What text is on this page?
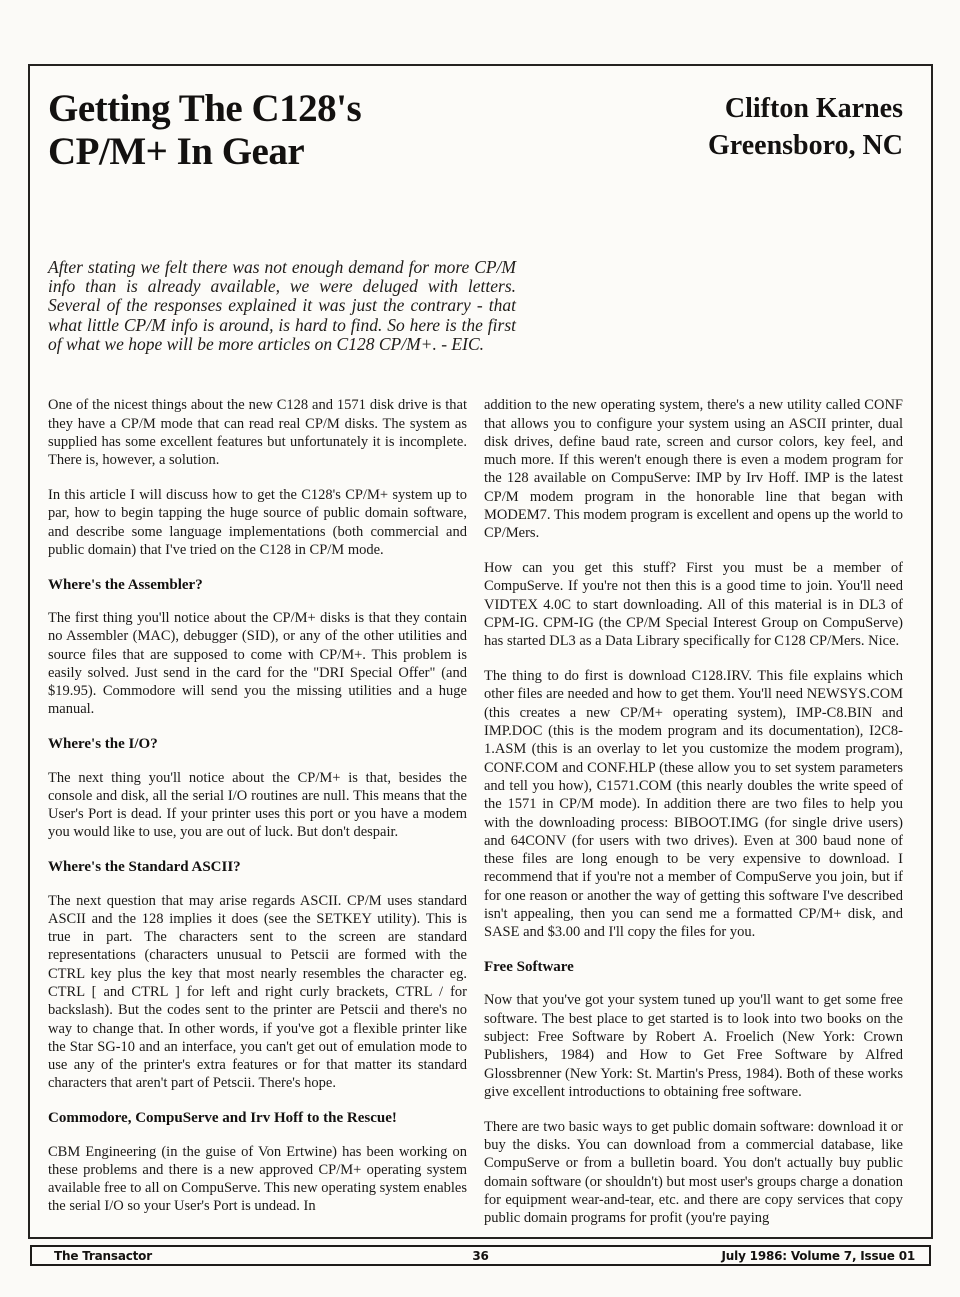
Getting The C128's
CP/M+ In Gear
Clifton Karnes
Greensboro, NC
After stating we felt there was not enough demand for more CP/M info than is already available, we were deluged with letters. Several of the responses explained it was just the contrary - that what little CP/M info is around, is hard to find. So here is the first of what we hope will be more articles on C128 CP/M+. - EIC.

One of the nicest things about the new C128 and 1571 disk drive is that they have a CP/M mode that can read real CP/M disks. The system as supplied has some excellent features but unfortunately it is incomplete. There is, however, a solution.

In this article I will discuss how to get the C128's CP/M+ system up to par, how to begin tapping the huge source of public domain software, and describe some language implementations (both commercial and public domain) that I've tried on the C128 in CP/M mode.

Where's the Assembler?

The first thing you'll notice about the CP/M+ disks is that they contain no Assembler (MAC), debugger (SID), or any of the other utilities and source files that are supposed to come with CP/M+. This problem is easily solved. Just send in the card for the "DRI Special Offer" (and $19.95). Commodore will send you the missing utilities and a huge manual.

Where's the I/O?

The next thing you'll notice about the CP/M+ is that, besides the console and disk, all the serial I/O routines are null. This means that the User's Port is dead. If your printer uses this port or you have a modem you would like to use, you are out of luck. But don't despair.

Where's the Standard ASCII?

The next question that may arise regards ASCII. CP/M uses standard ASCII and the 128 implies it does (see the SETKEY utility). This is true in part. The characters sent to the screen are standard representations (characters unusual to Petscii are formed with the CTRL key plus the key that most nearly resembles the character eg. CTRL [ and CTRL ] for left and right curly brackets, CTRL / for backslash). But the codes sent to the printer are Petscii and there's no way to change that. In other words, if you've got a flexible printer like the Star SG-10 and an interface, you can't get out of emulation mode to use any of the printer's extra features or for that matter its standard characters that aren't part of Petscii. There's hope.

Commodore, CompuServe and Irv Hoff to the Rescue!

CBM Engineering (in the guise of Von Ertwine) has been working on these problems and there is a new approved CP/M+ operating system available free to all on CompuServe. This new operating system enables the serial I/O so your User's Port is undead. In

addition to the new operating system, there's a new utility called CONF that allows you to configure your system using an ASCII printer, dual disk drives, define baud rate, screen and cursor colors, key feel, and much more. If this weren't enough there is even a modem program for the 128 available on CompuServe: IMP by Irv Hoff. IMP is the latest CP/M modem program in the honorable line that began with MODEM7. This modem program is excellent and opens up the world to CP/Mers.

How can you get this stuff? First you must be a member of CompuServe. If you're not then this is a good time to join. You'll need VIDTEX 4.0C to start downloading. All of this material is in DL3 of CPM-IG. CPM-IG (the CP/M Special Interest Group on CompuServe) has started DL3 as a Data Library specifically for C128 CP/Mers. Nice.

The thing to do first is download C128.IRV. This file explains which other files are needed and how to get them. You'll need NEWSYS.COM (this creates a new CP/M+ operating system), IMP-C8.BIN and IMP.DOC (this is the modem program and its documentation), I2C8-1.ASM (this is an overlay to let you customize the modem program), CONF.COM and CONF.HLP (these allow you to set system parameters and tell you how), C1571.COM (this nearly doubles the write speed of the 1571 in CP/M mode). In addition there are two files to help you with the downloading process: BIBOOT.IMG (for single drive users) and 64CONV (for users with two drives). Even at 300 baud none of these files are long enough to be very expensive to download. I recommend that if you're not a member of CompuServe you join, but if for one reason or another the way of getting this software I've described isn't appealing, then you can send me a formatted CP/M+ disk, and SASE and $3.00 and I'll copy the files for you.

Free Software

Now that you've got your system tuned up you'll want to get some free software. The best place to get started is to look into two books on the subject: Free Software by Robert A. Froelich (New York: Crown Publishers, 1984) and How to Get Free Software by Alfred Glossbrenner (New York: St. Martin's Press, 1984). Both of these works give excellent introductions to obtaining free software.

There are two basic ways to get public domain software: download it or buy the disks. You can download from a commercial database, like CompuServe or from a bulletin board. You don't actually buy public domain software (or shouldn't) but most user's groups charge a donation for equipment wear-and-tear, etc. and there are copy services that copy public domain programs for profit (you're paying

The Transactor	36	July 1986: Volume 7, Issue 01
